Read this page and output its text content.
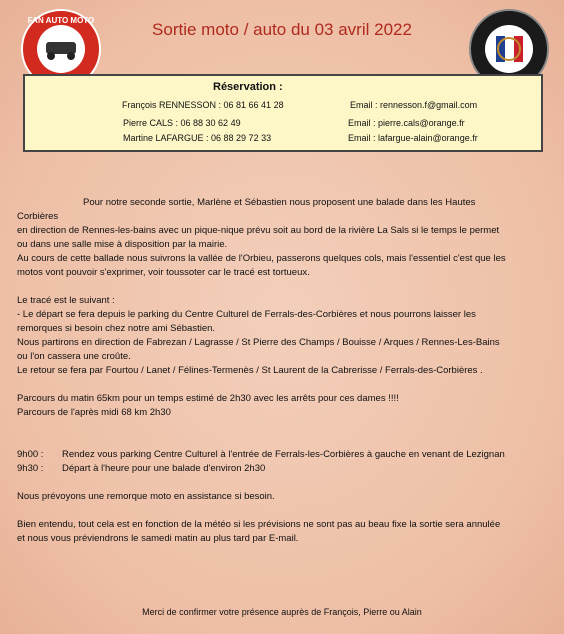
FAN AUTO MOTO	Sortie moto / auto du 03 avril 2022
Réservation :
François RENNESSON : 06 81 66 41 28	Email : rennesson.f@gmail.com
Pierre CALS : 06 88 30 62 49	Email : pierre.cals@orange.fr
Martine LAFARGUE : 06 88 29 72 33	Email : lafargue-alain@orange.fr

Pour notre seconde sortie, Marlène et Sébastien nous proposent une balade dans les Hautes

Corbières

en direction de Rennes-les-bains avec un pique-nique prévu soit au bord de la rivière La Sals si le temps le permet

ou dans une salle mise à disposition par la mairie.

Au cours de cette ballade nous suivrons la vallée de l'Orbieu, passerons quelques cols, mais l'essentiel c'est que les

motos vont pouvoir s'exprimer, voir toussoter car le tracé est tortueux.

Le tracé est le suivant :

- Le départ se fera depuis le parking du Centre Culturel de Ferrals-des-Corbières et nous pourrons laisser les

remorques si besoin chez notre ami Sébastien.

Nous partirons en direction de Fabrezan / Lagrasse / St Pierre des Champs / Bouisse / Arques / Rennes-Les-Bains

ou l'on cassera une croûte.

Le retour se fera par Fourtou / Lanet / Félines-Termenès / St Laurent de la Cabrerisse / Ferrals-des-Corbières .

Parcours du matin 65km pour un temps estimé de 2h30 avec les arrêts pour ces dames !!!!

Parcours de l'après midi 68 km 2h30

9h00 :	Rendez vous parking Centre Culturel à l'entrée de Ferrals-les-Corbières à gauche en venant de Lezignan
9h30 :	Départ à l'heure pour une balade d'environ 2h30

Nous prévoyons une remorque moto en assistance si besoin.

Bien entendu, tout cela est en fonction de la météo si les prévisions ne sont pas au beau fixe la sortie sera annulée

et nous vous préviendrons le samedi matin au plus tard par E-mail.

Merci de confirmer votre présence auprès de François, Pierre ou Alain
